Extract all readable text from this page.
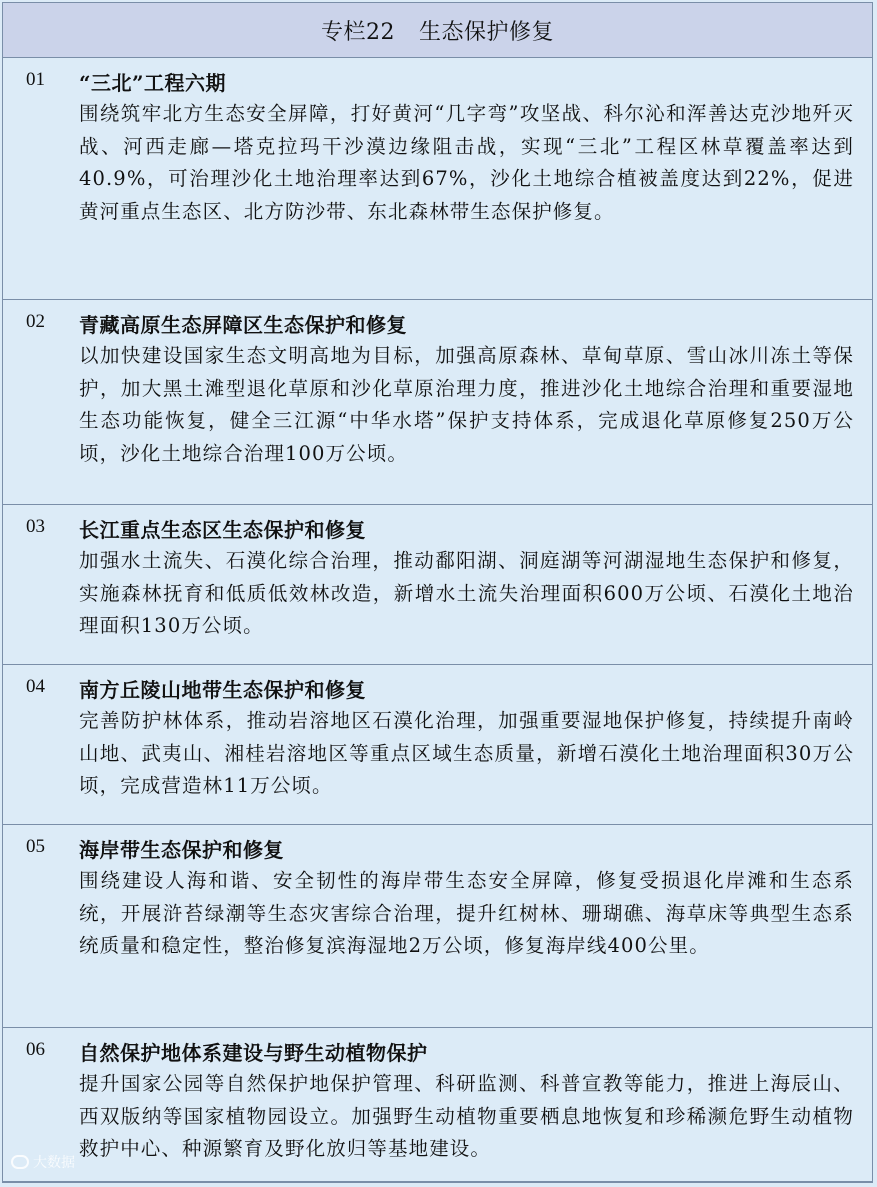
专栏22 生态保护修复
01 “三北”工程六期
围绕筑牢北方生态安全屏障，打好黄河“几字弯”攻坚战、科尔沁和浑善达克沙地歼灭战、河西走廊—塔克拉玛干沙漠边缘阻击战，实现“三北”工程区林草覆盖率达到40.9%，可治理沙化土地治理率达到67%，沙化土地综合植被盖度达到22%，促进黄河重点生态区、北方防沙带、东北森林带生态保护修复。
02 青藏高原生态屏障区生态保护和修复
以加快建设国家生态文明高地为目标，加强高原森林、草甸草原、雪山冰川冻土等保护，加大黑土滩型退化草原和沙化草原治理力度，推进沙化土地综合治理和重要湿地生态功能恢复，健全三江源“中华水塔”保护支持体系，完成退化草原修复250万公顷，沙化土地综合治理100万公顷。
03 长江重点生态区生态保护和修复
加强水土流失、石漠化综合治理，推动鄱阳湖、洞庭湖等河湖湿地生态保护和修复，实施森林抚育和低质低效林改造，新增水土流失治理面积600万公顷、石漠化土地治理面积130万公顷。
04 南方丘陵山地带生态保护和修复
完善防护林体系，推动岩溶地区石漠化治理，加强重要湿地保护修复，持续提升南岭山地、武夷山、湘桂岩溶地区等重点区域生态质量，新增石漠化土地治理面积30万公顷，完成营造林11万公顷。
05 海岸带生态保护和修复
围绕建设人海和谐、安全韧性的海岸带生态安全屏障，修复受损退化岸滩和生态系统，开展浒苔绿潮等生态灾害综合治理，提升红树林、珊瑚礁、海草床等典型生态系统质量和稳定性，整治修复滨海湿地2万公顷，修复海岸线400公里。
06 自然保护地体系建设与野生动植物保护
提升国家公园等自然保护地保护管理、科研监测、科普宣教等能力，推进上海辰山、西双版纳等国家植物园设立。加强野生动植物重要栖息地恢复和珍稀濒危野生动植物救护中心、种源繁育及野化放归等基地建设。
大数据
